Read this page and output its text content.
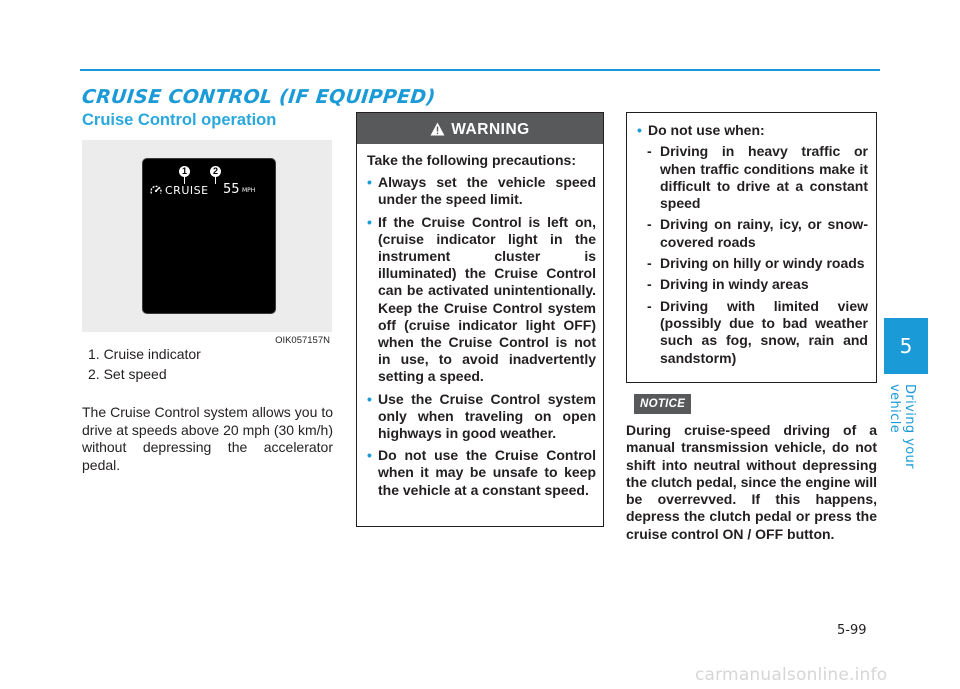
CRUISE CONTROL (IF EQUIPPED)
Cruise Control operation
1	2
CRUISE 55 MPH
OIK057157N
1. Cruise indicator
2. Set speed

The Cruise Control system allows you to drive at speeds above 20 mph (30 km/h) without depressing the accelerator pedal.

WARNING

Take the following precautions:

• Always set the vehicle speed under the speed limit.
• If the Cruise Control is left on, (cruise indicator light in the instrument cluster is illuminated) the Cruise Control can be activated unintentionally. Keep the Cruise Control system off (cruise indicator light OFF) when the Cruise Control is not in use, to avoid inadvertently setting a speed.
• Use the Cruise Control system only when traveling on open highways in good weather.
• Do not use the Cruise Control when it may be unsafe to keep the vehicle at a constant speed.

• Do not use when:

- Driving in heavy traffic or when traffic conditions make it difficult to drive at a constant speed
- Driving on rainy, icy, or snow-covered roads
- Driving on hilly or windy roads
- Driving in windy areas
- Driving with limited view (possibly due to bad weather such as fog, snow, rain and sandstorm)
NOTICE

During cruise-speed driving of a manual transmission vehicle, do not shift into neutral without depressing the clutch pedal, since the engine will be overrevved. If this happens, depress the clutch pedal or press the cruise control ON / OFF button.

5
Driving your vehicle
5-99
carmanualsonline.info
